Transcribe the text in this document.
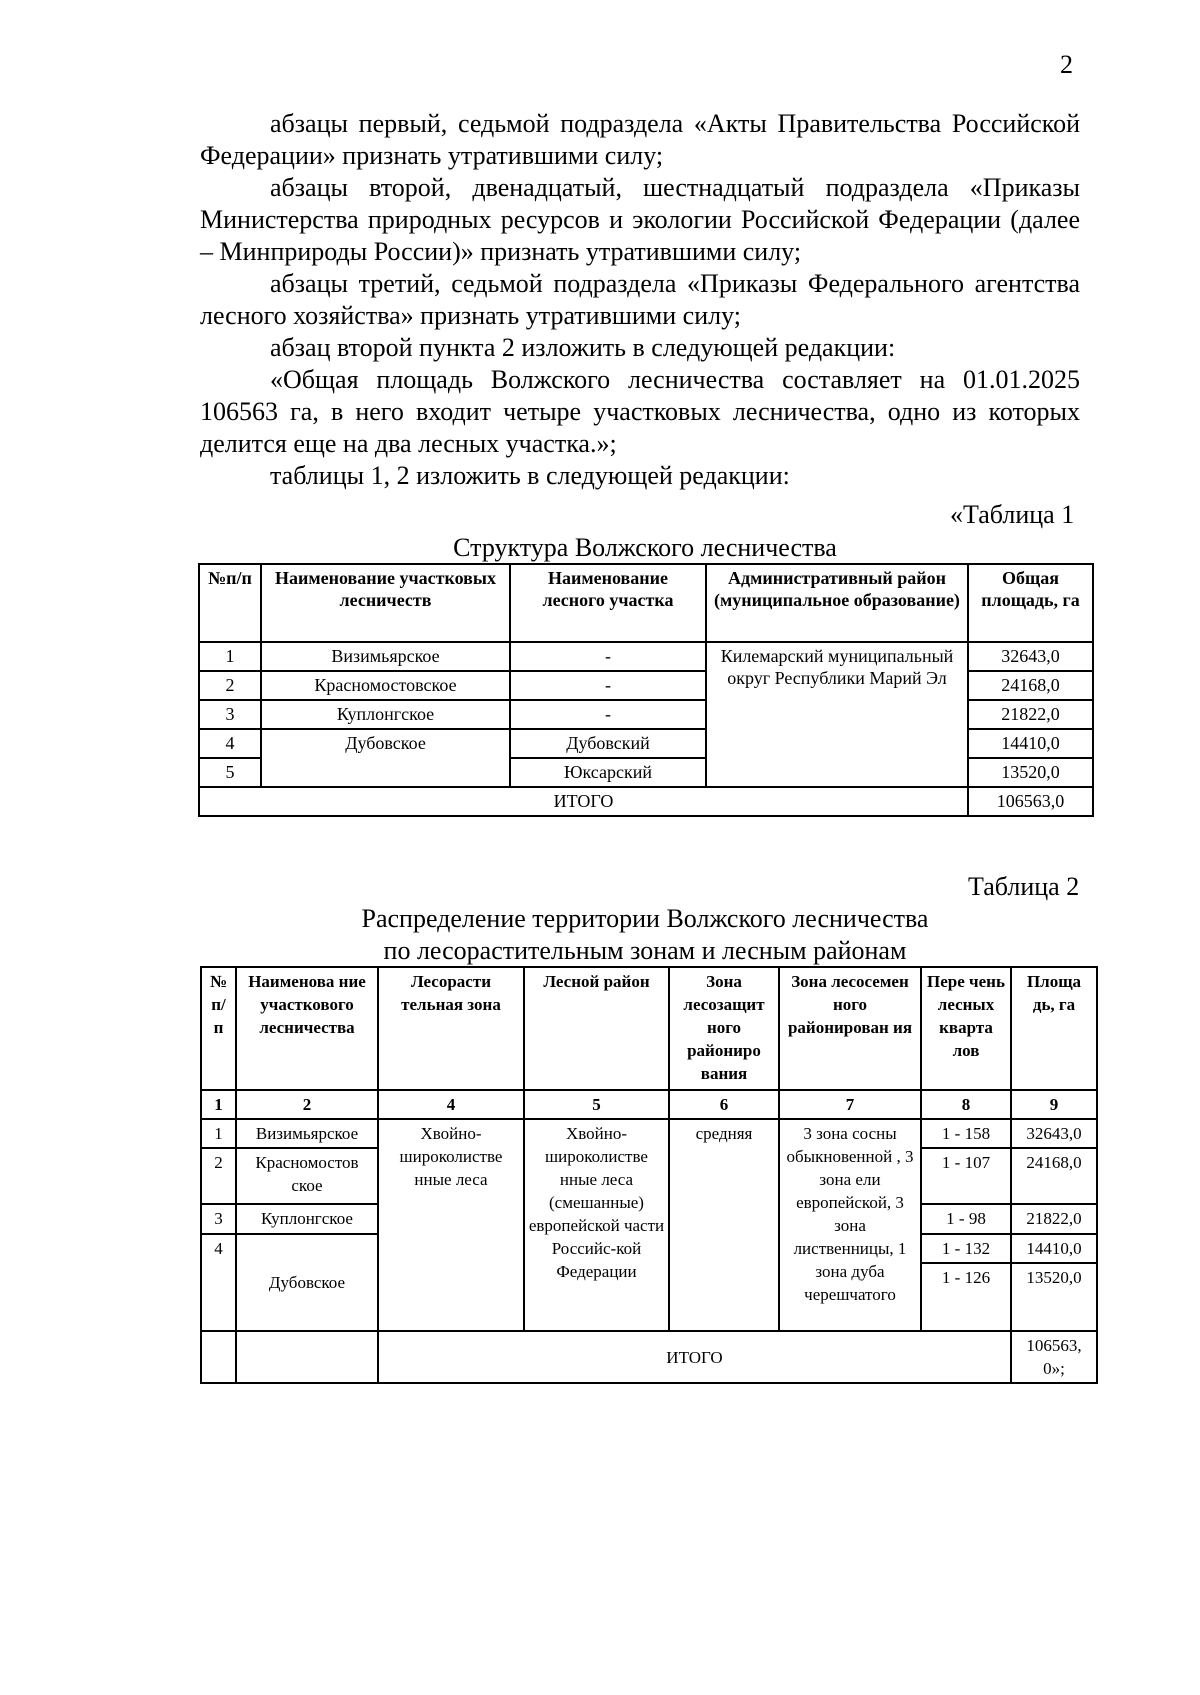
2

абзацы первый, седьмой подраздела «Акты Правительства Российской Федерации» признать утратившими силу;

абзацы второй, двенадцатый, шестнадцатый подраздела «Приказы Министерства природных ресурсов и экологии Российской Федерации (далее – Минприроды России)» признать утратившими силу;

абзацы третий, седьмой подраздела «Приказы Федерального агентства лесного хозяйства» признать утратившими силу;

абзац второй пункта 2 изложить в следующей редакции:

«Общая площадь Волжского лесничества составляет на 01.01.2025 106563 га, в него входит четыре участковых лесничества, одно из которых делится еще на два лесных участка.»;

таблицы 1, 2 изложить в следующей редакции:

«Таблица 1
Структура Волжского лесничества
№п/п	Наименование участковых лесничеств	Наименование лесного участка	Административный район (муниципальное образование)	Общая площадь, га
1	Визимьярское	-	Килемарский муниципальный округ Республики Марий Эл	32643,0
2	Красномостовское	-		24168,0
3	Куплонгское	-		21822,0
4	Дубовское	Дубовский		14410,0
5		Юксарский		13520,0
ИТОГО				106563,0
Таблица 2
Распределение территории Волжского лесничества
по лесорастительным зонам и лесным районам
№ п/ п	Наименова ние участкового лесничества	Лесорасти тельная зона	Лесной район	Зона лесозащит ного райониро вания	Зона лесосемен ного районирован ия	Пере чень лесных кварта лов	Площа дь, га
1	2	4	5	6	7	8	9
1	Визимьярское	Хвойно-широколистве нные леса	Хвойно-широколистве нные леса (смешанные) европейской части Российс-кой Федерации	средняя	3 зона сосны обыкновенной , 3 зона ели европейской, 3 зона лиственницы, 1 зона дуба черешчатого	1 - 158	32643,0
2	Красномостов ское					1 - 107	24168,0
3	Куплонгское					1 - 98	21822,0
4	Дубовское					1 - 132	14410,0
						1 - 126	13520,0
		ИТОГО					106563, 0»;
